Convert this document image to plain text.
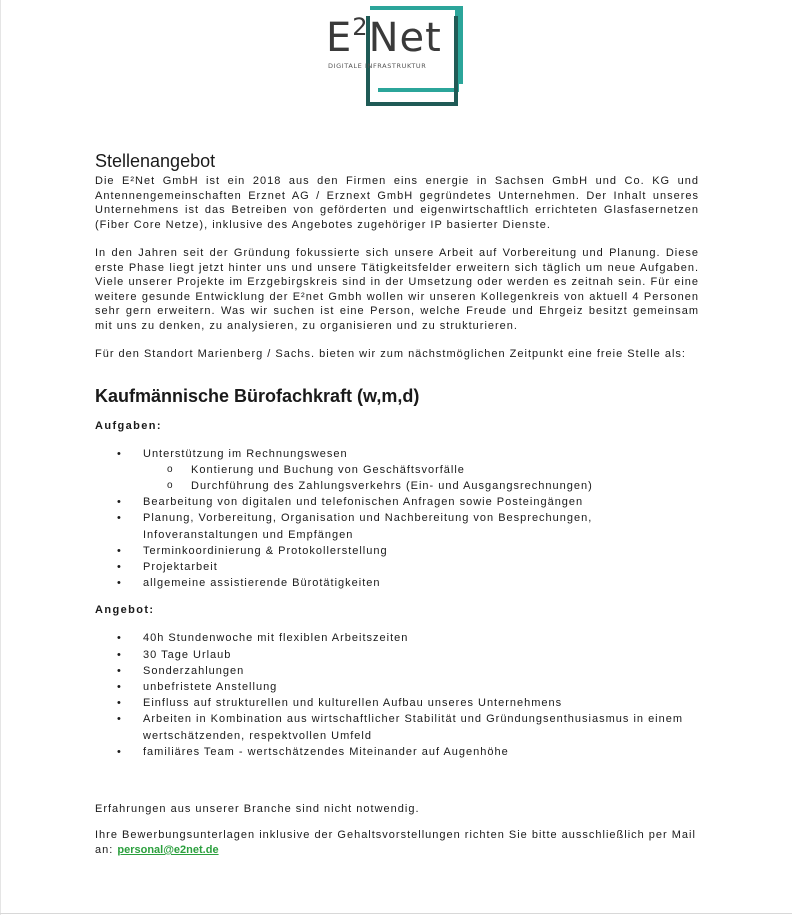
$E^2Net$
DIGITALE INFRASTRUKTUR
Stellenangebot

Die E²Net GmbH ist ein 2018 aus den Firmen eins energie in Sachsen GmbH und Co. KG und Antennengemeinschaften Erznet AG / Erznext GmbH gegründetes Unternehmen. Der Inhalt unseres Unternehmens ist das Betreiben von geförderten und eigenwirtschaftlich errichteten Glasfasernetzen (Fiber Core Netze), inklusive des Angebotes zugehöriger IP basierter Dienste.

In den Jahren seit der Gründung fokussierte sich unsere Arbeit auf Vorbereitung und Planung. Diese erste Phase liegt jetzt hinter uns und unsere Tätigkeitsfelder erweitern sich täglich um neue Aufgaben. Viele unserer Projekte im Erzgebirgskreis sind in der Umsetzung oder werden es zeitnah sein. Für eine weitere gesunde Entwicklung der E²net Gmbh wollen wir unseren Kollegenkreis von aktuell 4 Personen sehr gern erweitern. Was wir suchen ist eine Person, welche Freude und Ehrgeiz besitzt gemeinsam mit uns zu denken, zu analysieren, zu organisieren und zu strukturieren.

Für den Standort Marienberg / Sachs. bieten wir zum nächstmöglichen Zeitpunkt eine freie Stelle als:

Kaufmännische Bürofachkraft (w,m,d)
Aufgaben:
• Unterstützung im Rechnungswesen
o Kontierung und Buchung von Geschäftsvorfälle
o Durchführung des Zahlungsverkehrs (Ein- und Ausgangsrechnungen)
• Bearbeitung von digitalen und telefonischen Anfragen sowie Posteingängen
• Planung, Vorbereitung, Organisation und Nachbereitung von Besprechungen, Infoveranstaltungen und Empfängen
• Terminkoordinierung & Protokollerstellung
• Projektarbeit
• allgemeine assistierende Bürotätigkeiten
Angebot:
• 40h Stundenwoche mit flexiblen Arbeitszeiten
• 30 Tage Urlaub
• Sonderzahlungen
• unbefristete Anstellung
• Einfluss auf strukturellen und kulturellen Aufbau unseres Unternehmens
• Arbeiten in Kombination aus wirtschaftlicher Stabilität und Gründungsenthusiasmus in einem wertschätzenden, respektvollen Umfeld
• familiäres Team - wertschätzendes Miteinander auf Augenhöhe

Erfahrungen aus unserer Branche sind nicht notwendig.

Ihre Bewerbungsunterlagen inklusive der Gehaltsvorstellungen richten Sie bitte ausschließlich per Mail an: personal@e2net.de
